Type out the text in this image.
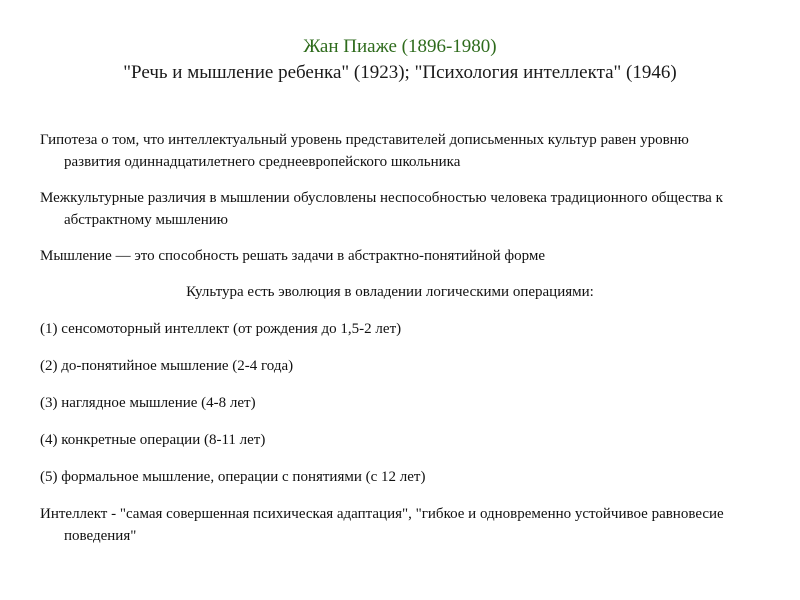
Жан Пиаже (1896-1980)
"Речь и мышление ребенка" (1923); "Психология интеллекта" (1946)
Гипотеза о том, что интеллектуальный уровень представителей дописьменных культур равен уровню развития одиннадцатилетнего среднеевропейского школьника
Межкультурные различия в мышлении обусловлены неспособностью человека традиционного общества к абстрактному мышлению
Мышление — это способность решать задачи в абстрактно-понятийной форме
Культура есть эволюция в овладении логическими операциями:
(1) сенсомоторный интеллект (от рождения до 1,5-2 лет)
(2) до-понятийное мышление (2-4 года)
(3) наглядное мышление (4-8 лет)
(4) конкретные операции (8-11 лет)
(5) формальное мышление, операции с понятиями (с 12 лет)
Интеллект - "самая совершенная психическая адаптация", "гибкое и одновременно устойчивое равновесие поведения"
